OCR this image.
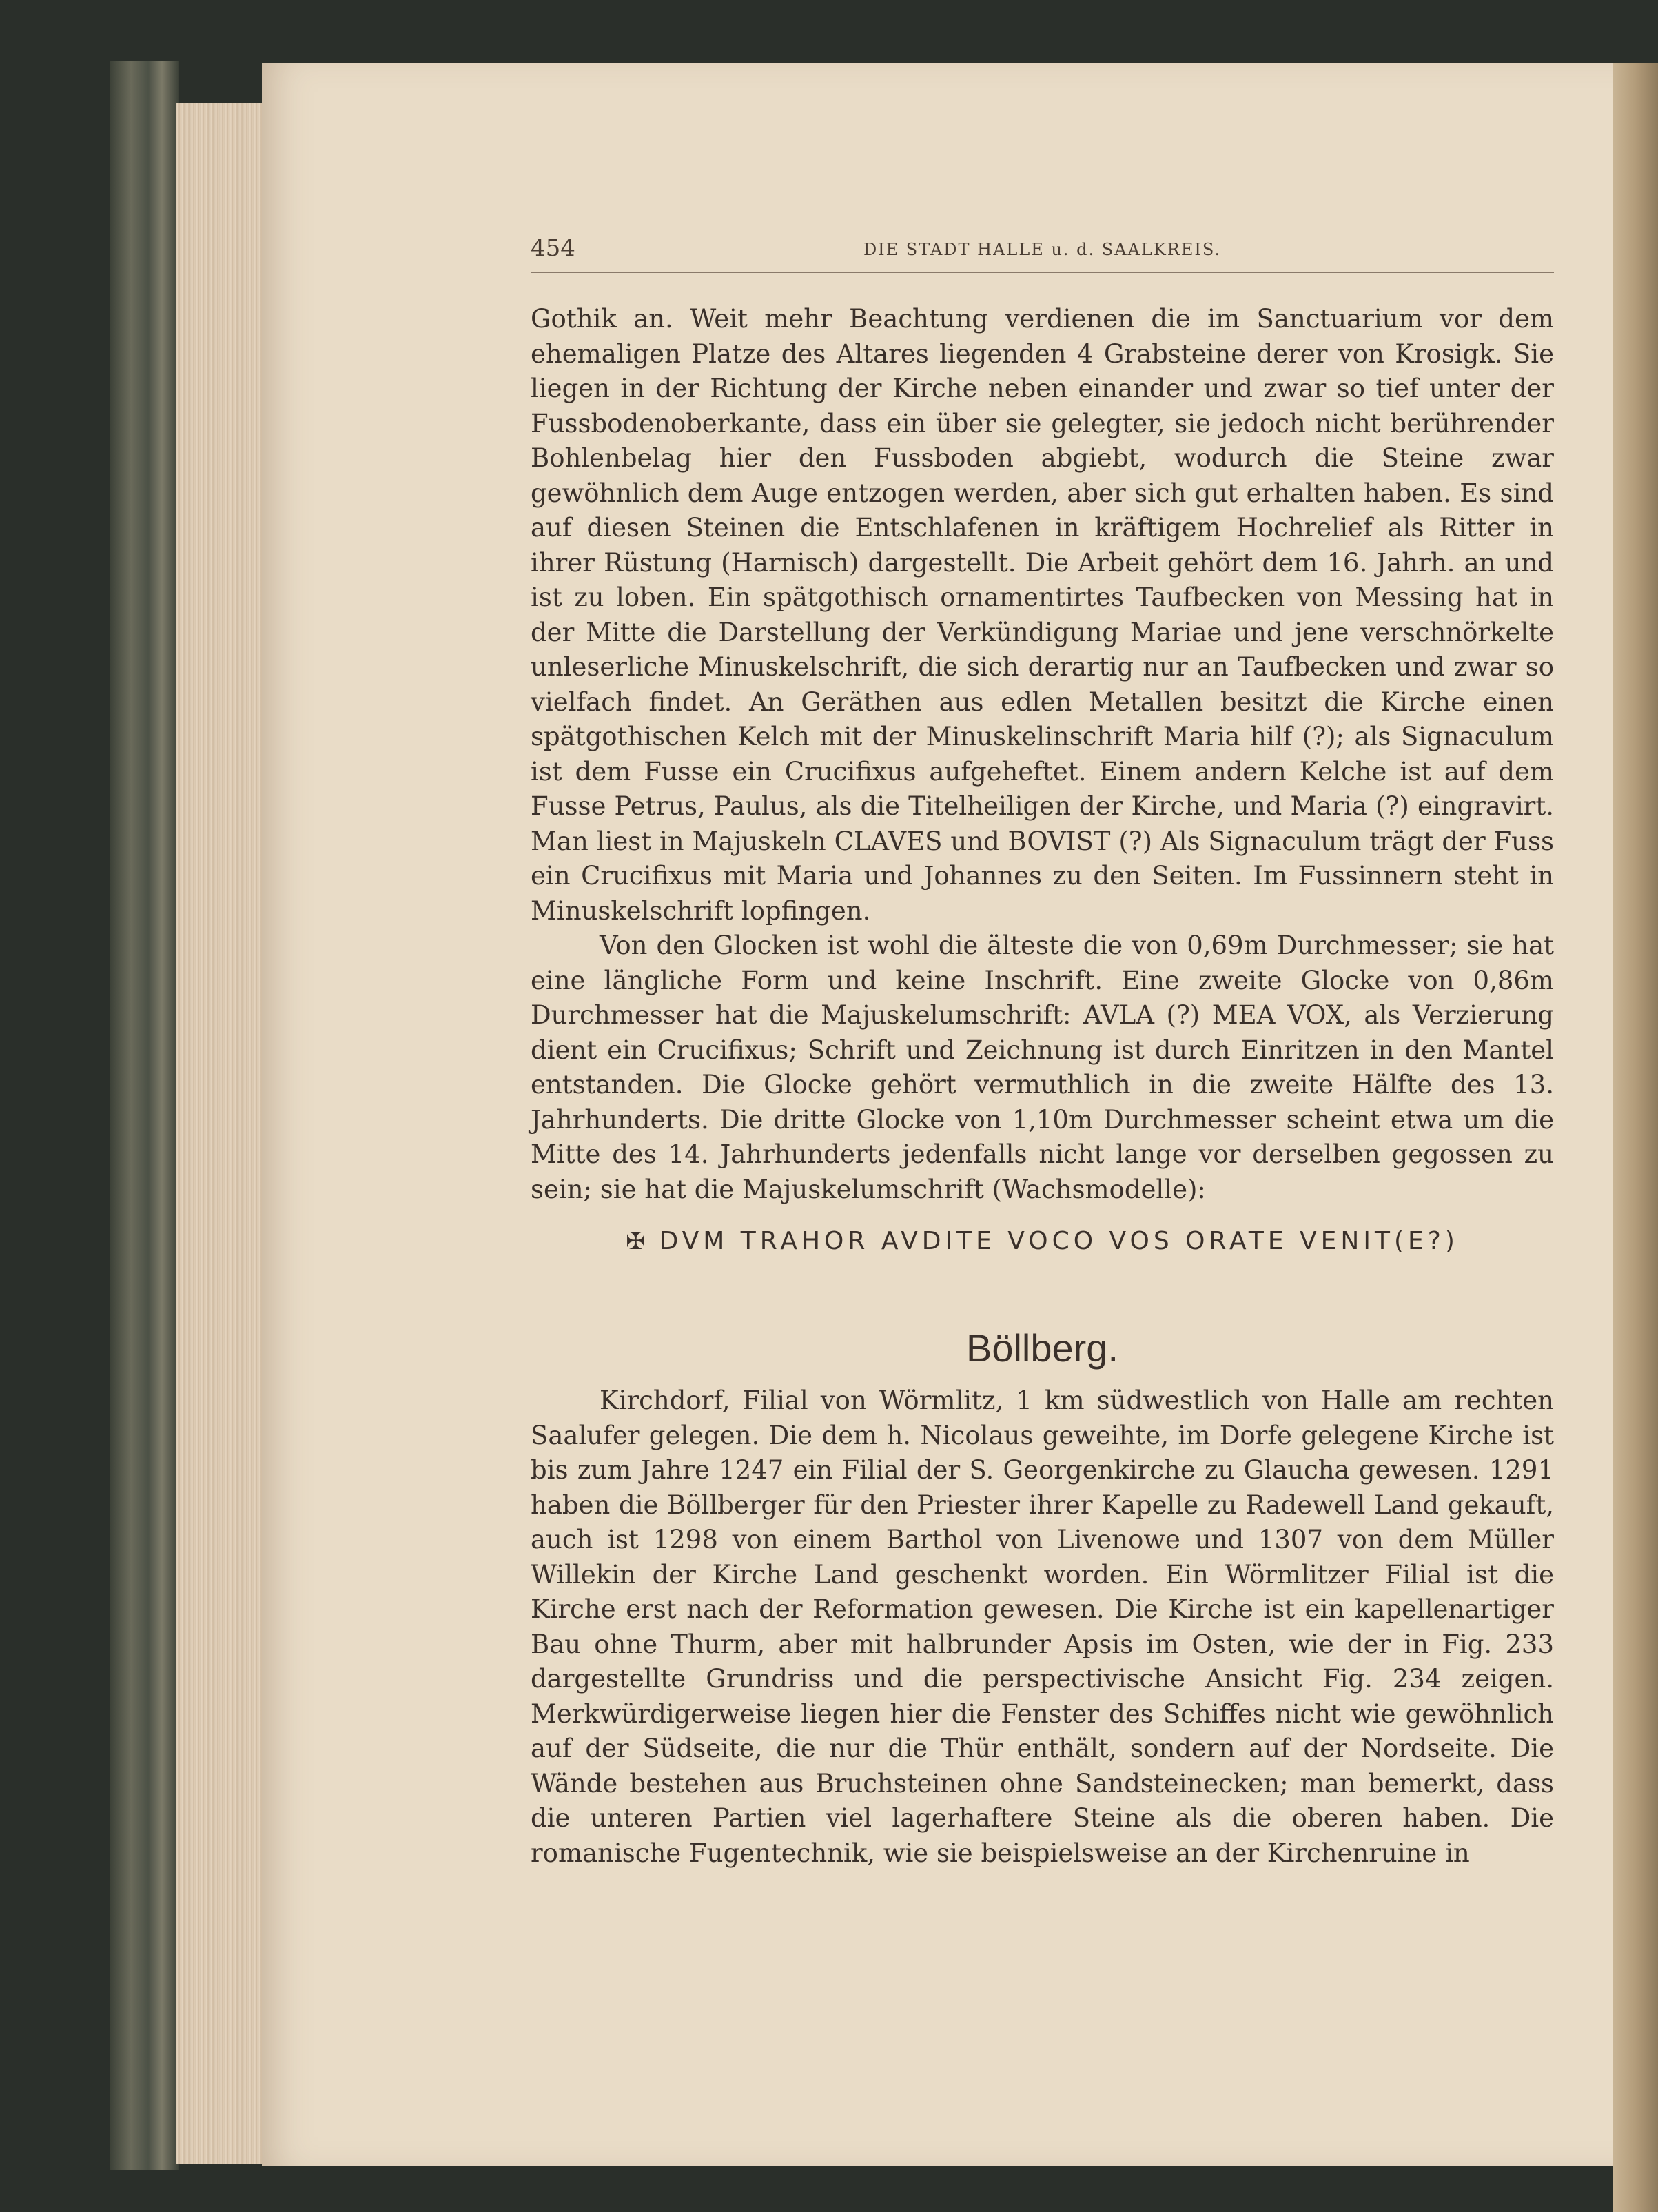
454	DIE STADT HALLE u. d. SAALKREIS.

Gothik an. Weit mehr Beachtung verdienen die im Sanctuarium vor dem ehemaligen Platze des Altares liegenden 4 Grabsteine derer von Krosigk. Sie liegen in der Richtung der Kirche neben einander und zwar so tief unter der Fussbodenoberkante, dass ein über sie gelegter, sie jedoch nicht berührender Bohlenbelag hier den Fussboden abgiebt, wodurch die Steine zwar gewöhnlich dem Auge entzogen werden, aber sich gut erhalten haben. Es sind auf diesen Steinen die Entschlafenen in kräftigem Hochrelief als Ritter in ihrer Rüstung (Harnisch) dargestellt. Die Arbeit gehört dem 16. Jahrh. an und ist zu loben. Ein spätgothisch ornamentirtes Taufbecken von Messing hat in der Mitte die Darstellung der Verkündigung Mariae und jene verschnörkelte unleserliche Minuskelschrift, die sich derartig nur an Taufbecken und zwar so vielfach findet. An Geräthen aus edlen Metallen besitzt die Kirche einen spätgothischen Kelch mit der Minuskelinschrift Maria hilf (?); als Signaculum ist dem Fusse ein Crucifixus aufgeheftet. Einem andern Kelche ist auf dem Fusse Petrus, Paulus, als die Titelheiligen der Kirche, und Maria (?) eingravirt. Man liest in Majuskeln CLAVES und BOVIST (?) Als Signaculum trägt der Fuss ein Crucifixus mit Maria und Johannes zu den Seiten. Im Fussinnern steht in Minuskelschrift lopfingen.

Von den Glocken ist wohl die älteste die von 0,69m Durchmesser; sie hat eine längliche Form und keine Inschrift. Eine zweite Glocke von 0,86m Durchmesser hat die Majuskelumschrift: AVLA (?) MEA VOX, als Verzierung dient ein Crucifixus; Schrift und Zeichnung ist durch Einritzen in den Mantel entstanden. Die Glocke gehört vermuthlich in die zweite Hälfte des 13. Jahrhunderts. Die dritte Glocke von 1,10m Durchmesser scheint etwa um die Mitte des 14. Jahrhunderts jedenfalls nicht lange vor derselben gegossen zu sein; sie hat die Majuskelumschrift (Wachsmodelle):

✠ DVM TRAHOR AVDITE VOCO VOS ORATE VENIT(E?)
Böllberg.

Kirchdorf, Filial von Wörmlitz, 1 km südwestlich von Halle am rechten Saalufer gelegen. Die dem h. Nicolaus geweihte, im Dorfe gelegene Kirche ist bis zum Jahre 1247 ein Filial der S. Georgenkirche zu Glaucha gewesen. 1291 haben die Böllberger für den Priester ihrer Kapelle zu Radewell Land gekauft, auch ist 1298 von einem Barthol von Livenowe und 1307 von dem Müller Willekin der Kirche Land geschenkt worden. Ein Wörmlitzer Filial ist die Kirche erst nach der Reformation gewesen. Die Kirche ist ein kapellenartiger Bau ohne Thurm, aber mit halbrunder Apsis im Osten, wie der in Fig. 233 dargestellte Grundriss und die perspectivische Ansicht Fig. 234 zeigen. Merkwürdigerweise liegen hier die Fenster des Schiffes nicht wie gewöhnlich auf der Südseite, die nur die Thür enthält, sondern auf der Nordseite. Die Wände bestehen aus Bruchsteinen ohne Sandsteinecken; man bemerkt, dass die unteren Partien viel lagerhaftere Steine als die oberen haben. Die romanische Fugentechnik, wie sie beispielsweise an der Kirchenruine in
